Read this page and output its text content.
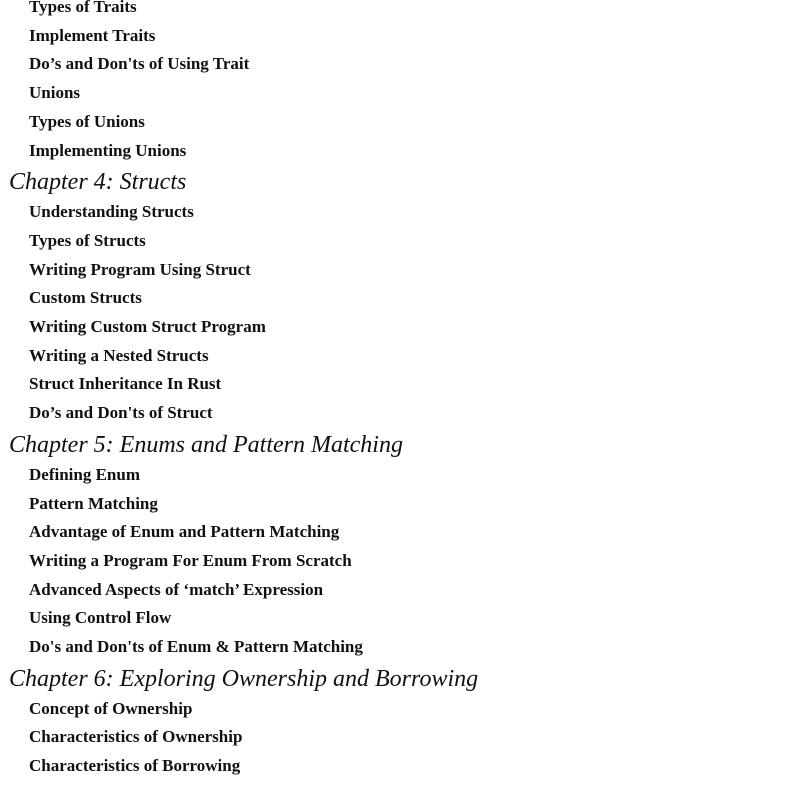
Types of Traits
Implement Traits
Do’s and Don'ts of Using Trait
Unions
Types of Unions
Implementing Unions
Chapter 4: Structs
Understanding Structs
Types of Structs
Writing Program Using Struct
Custom Structs
Writing Custom Struct Program
Writing a Nested Structs
Struct Inheritance In Rust
Do’s and Don'ts of Struct
Chapter 5: Enums and Pattern Matching
Defining Enum
Pattern Matching
Advantage of Enum and Pattern Matching
Writing a Program For Enum From Scratch
Advanced Aspects of ‘match’ Expression
Using Control Flow
Do's and Don'ts of Enum & Pattern Matching
Chapter 6: Exploring Ownership and Borrowing
Concept of Ownership
Characteristics of Ownership
Characteristics of Borrowing
